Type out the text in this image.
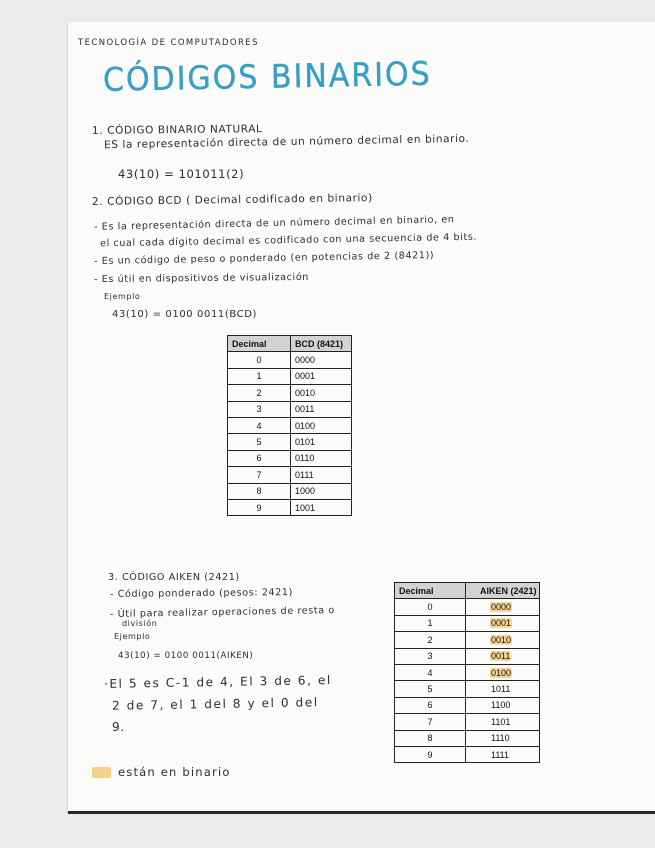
TECNOLOGÍA DE COMPUTADORES
CÓDIGOS BINARIOS
1. CÓDIGO BINARIO NATURAL
ES la representación directa de un número decimal en binario.
43(10) = 101011(2)
2. CÓDIGO BCD ( Decimal codificado en binario)
- Es la representación directa de un número decimal en binario, en
el cual cada dígito decimal es codificado con una secuencia de 4 bits.
- Es un código de peso o ponderado (en potencias de 2 (8421))
- Es útil en dispositivos de visualización
Ejemplo
43(10) = 0100 0011(BCD)
Decimal	BCD (8421)
0	0000
1	0001
2	0010
3	0011
4	0100
5	0101
6	0110
7	0111
8	1000
9	1001
3. CÓDIGO AIKEN (2421)
- Código ponderado (pesos: 2421)
- Útil para realizar operaciones de resta o
división
Ejemplo
43(10) = 0100 0011(AIKEN)
·El 5 es C-1 de 4, El 3 de 6, el
2 de 7, el 1 del 8 y el 0 del
9.
Decimal	AIKEN (2421)
0	0000
1	0001
2	0010
3	0011
4	0100
5	1011
6	1100
7	1101
8	1110
9	1111
están en binario
